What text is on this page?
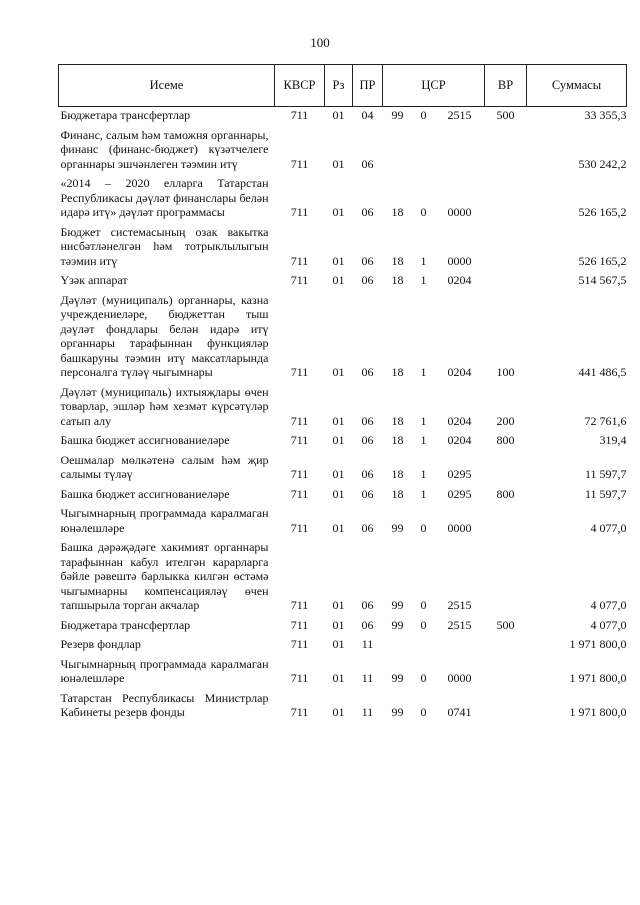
100
Исеме	КВСР	Рз	ПР	ЦСР			ВР	Суммасы
Бюджетара трансфертлар	711	01	04	99	0	2515	500	33 355,3
Финанс, салым һәм таможня органнары, финанс (финанс-бюджет) күзәтчелеге органнары эшчәнлеген тәэмин итү	711	01	06					530 242,2
«2014 – 2020 елларга Татарстан Республикасы дәүләт финанслары белән идарә итү» дәүләт программасы	711	01	06	18	0	0000		526 165,2
Бюджет системасының озак вакытка нисбәтләнелгән һәм тотрыклылыгын тәэмин итү	711	01	06	18	1	0000		526 165,2
Үзәк аппарат	711	01	06	18	1	0204		514 567,5
Дәүләт (муниципаль) органнары, казна учреждениеләре, бюджеттан тыш дәүләт фондлары белән идарә итү органнары тарафыннан функцияләр башкаруны тәэмин итү максатларында персоналга түләү чыгымнары	711	01	06	18	1	0204	100	441 486,5
Дәүләт (муниципаль) ихтыяҗлары өчен товарлар, эшләр һәм хезмәт күрсәтүләр сатып алу	711	01	06	18	1	0204	200	72 761,6
Башка бюджет ассигнованиеләре	711	01	06	18	1	0204	800	319,4
Оешмалар мөлкәтенә салым һәм җир салымы түләү	711	01	06	18	1	0295		11 597,7
Башка бюджет ассигнованиеләре	711	01	06	18	1	0295	800	11 597,7
Чыгымнарның программада каралмаган юнәлешләре	711	01	06	99	0	0000		4 077,0
Башка дәрәҗәдәге хакимият органнары тарафыннан кабул ителгән карарларга бәйле рәвештә барлыкка килгән өстәмә чыгымнарны компенсацияләү өчен тапшырыла торган акчалар	711	01	06	99	0	2515		4 077,0
Бюджетара трансфертлар	711	01	06	99	0	2515	500	4 077,0
Резерв фондлар	711	01	11					1 971 800,0
Чыгымнарның программада каралмаган юнәлешләре	711	01	11	99	0	0000		1 971 800,0
Татарстан Республикасы Министрлар Кабинеты резерв фонды	711	01	11	99	0	0741		1 971 800,0
